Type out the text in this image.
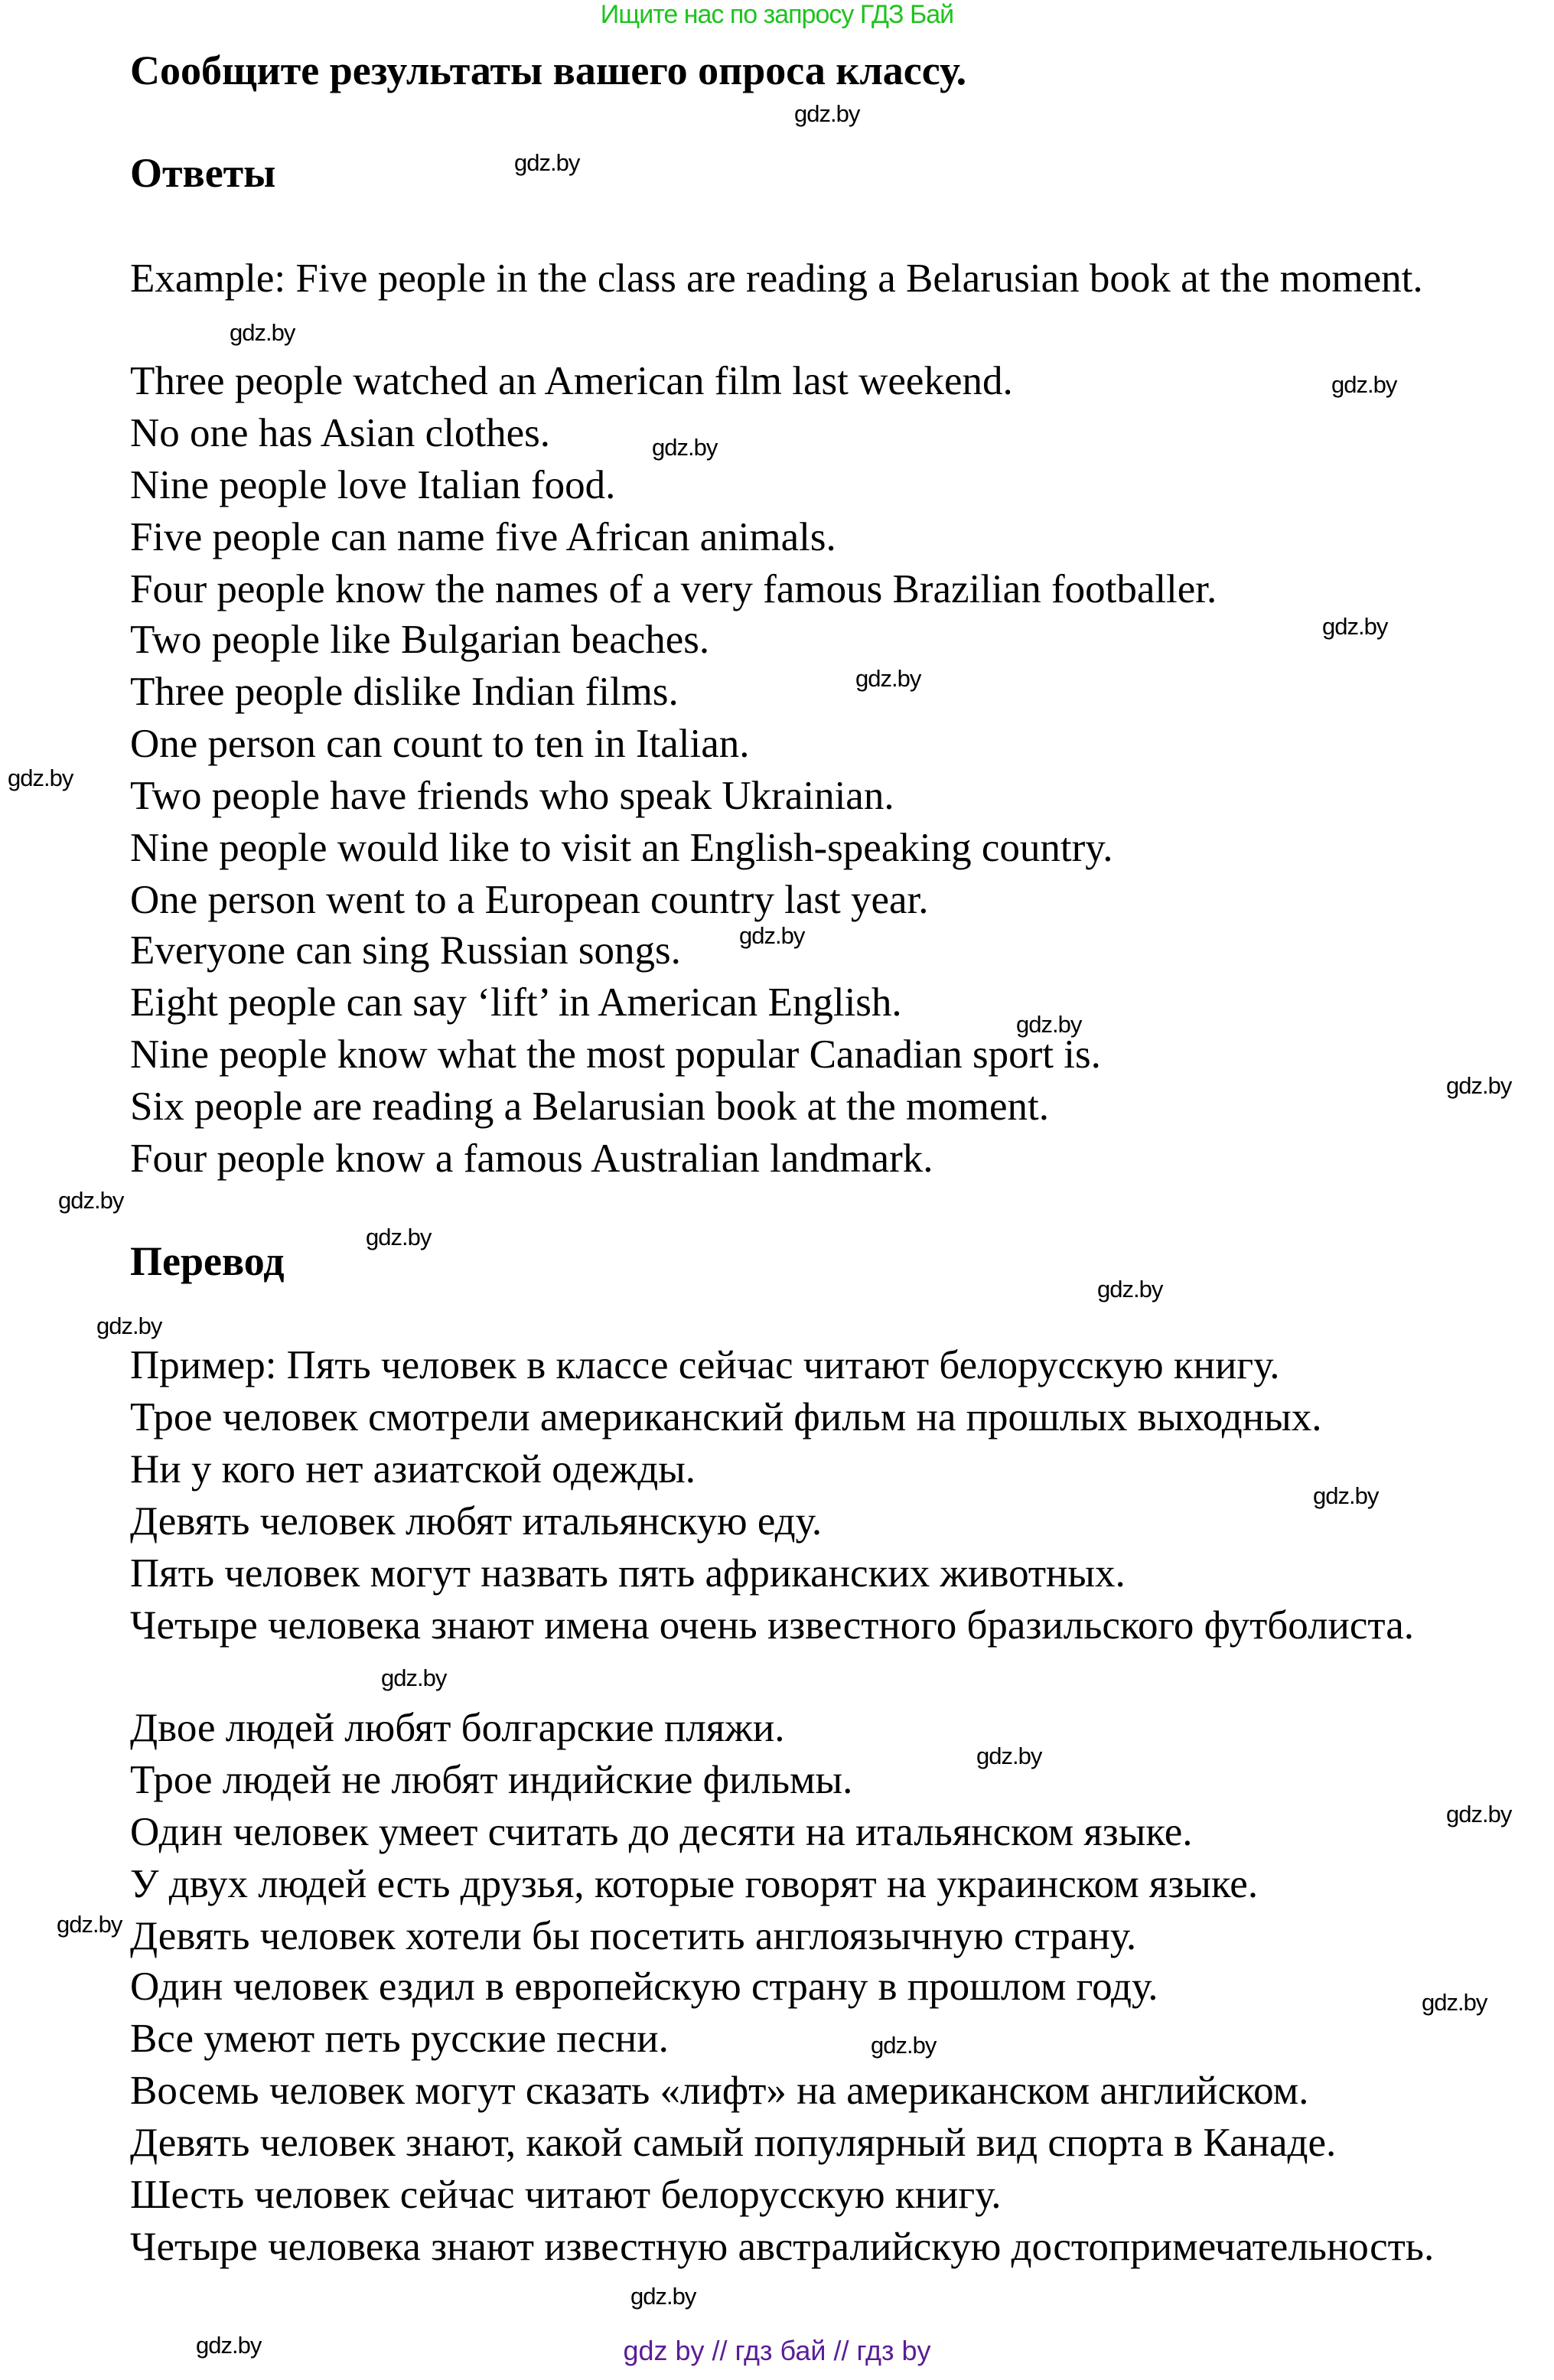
Ищите нас по запросу ГДЗ Бай
Сообщите результаты вашего опроса классу.
Ответы
Example: Five people in the class are reading a Belarusian book at the moment.
Three people watched an American film last weekend.
No one has Asian clothes.
Nine people love Italian food.
Five people can name five African animals.
Four people know the names of a very famous Brazilian footballer.
Two people like Bulgarian beaches.
Three people dislike Indian films.
One person can count to ten in Italian.
Two people have friends who speak Ukrainian.
Nine people would like to visit an English-speaking country.
One person went to a European country last year.
Everyone can sing Russian songs.
Eight people can say ‘lift’ in American English.
Nine people know what the most popular Canadian sport is.
Six people are reading a Belarusian book at the moment.
Four people know a famous Australian landmark.
Перевод
Пример: Пять человек в классе сейчас читают белорусскую книгу.
Трое человек смотрели американский фильм на прошлых выходных.
Ни у кого нет азиатской одежды.
Девять человек любят итальянскую еду.
Пять человек могут назвать пять африканских животных.
Четыре человека знают имена очень известного бразильского футболиста.
Двое людей любят болгарские пляжи.
Трое людей не любят индийские фильмы.
Один человек умеет считать до десяти на итальянском языке.
У двух людей есть друзья, которые говорят на украинском языке.
Девять человек хотели бы посетить англоязычную страну.
Один человек ездил в европейскую страну в прошлом году.
Все умеют петь русские песни.
Восемь человек могут сказать «лифт» на американском английском.
Девять человек знают, какой самый популярный вид спорта в Канаде.
Шесть человек сейчас читают белорусскую книгу.
Четыре человека знают известную австралийскую достопримечательность.
gdz.by
gdz.by
gdz.by
gdz.by
gdz.by
gdz.by
gdz.by
gdz.by
gdz.by
gdz.by
gdz.by
gdz.by
gdz.by
gdz.by
gdz.by
gdz.by
gdz.by
gdz.by
gdz.by
gdz.by
gdz.by
gdz.by
gdz.by
gdz.by	gdz by // гдз бай // гдз by
